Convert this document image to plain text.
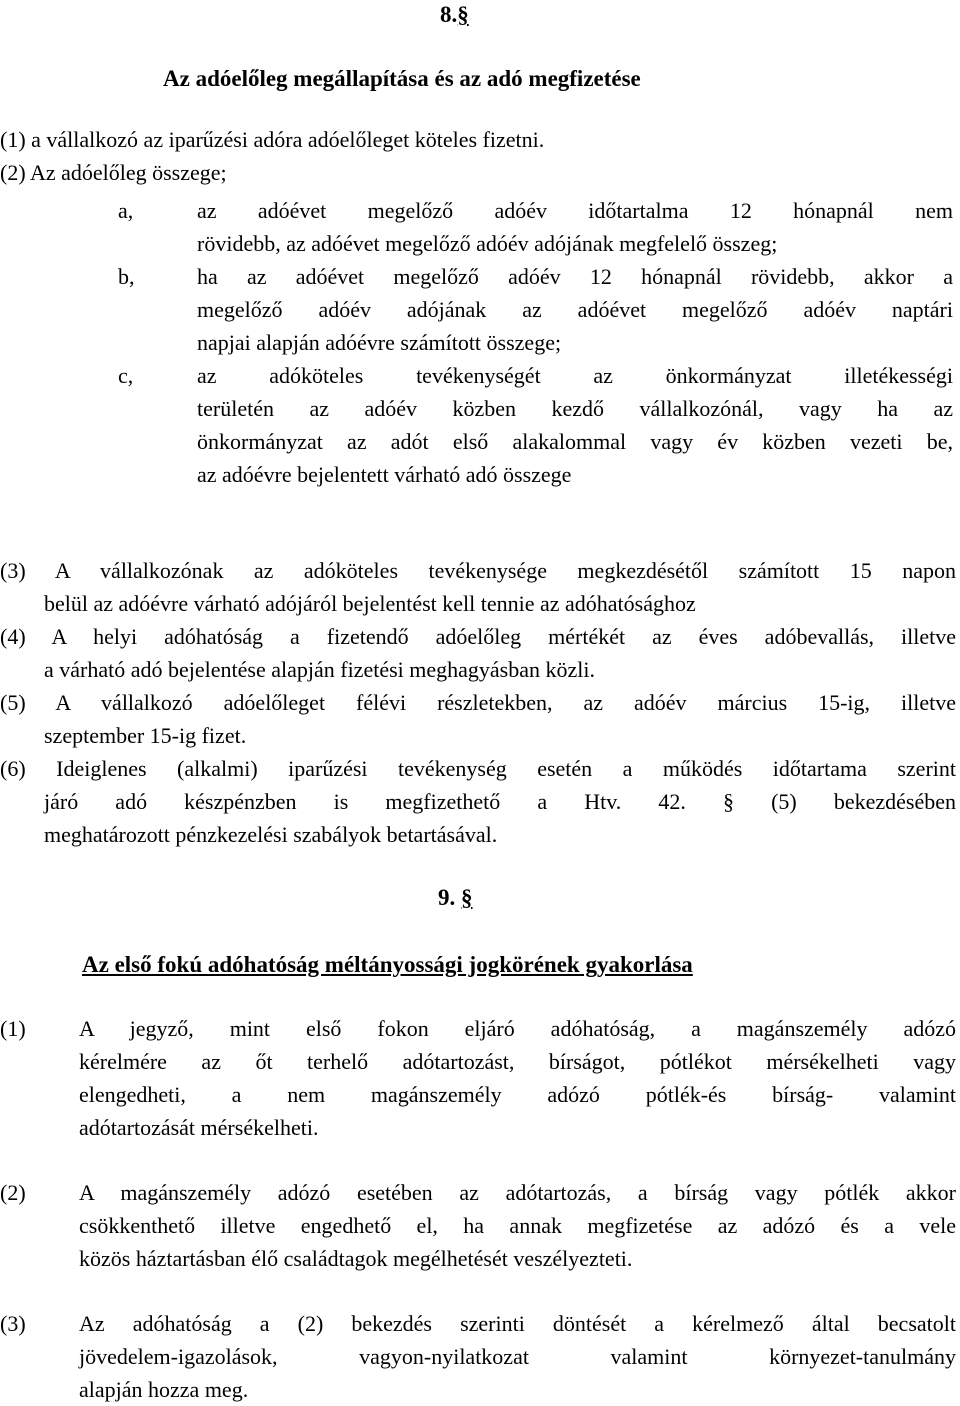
8.§
Az adóelőleg megállapítása és az adó megfizetése
(1) a vállalkozó az iparűzési adóra adóelőleget köteles fizetni.
(2) Az adóelőleg összege;
a,	az adóévet megelőző adóév időtartalma 12 hónapnál nem
rövidebb, az adóévet megelőző adóév adójának megfelelő összeg;
b,	ha az adóévet megelőző adóév 12 hónapnál rövidebb, akkor a
megelőző adóév adójának az adóévet megelőző adóév naptári
napjai alapján adóévre számított összege;
c,	az adóköteles tevékenységét az önkormányzat illetékességi
területén az adóév közben kezdő vállalkozónál, vagy ha az
önkormányzat az adót első alakalommal vagy év közben vezeti be,
az adóévre bejelentett várható adó összege
(3) A vállalkozónak az adóköteles tevékenysége megkezdésétől számított 15 napon
belül az adóévre várható adójáról bejelentést kell tennie az adóhatósághoz
(4) A helyi adóhatóság a fizetendő adóelőleg mértékét az éves adóbevallás, illetve
a várható adó bejelentése alapján fizetési meghagyásban közli.
(5) A vállalkozó adóelőleget félévi részletekben, az adóév március 15-ig, illetve
szeptember 15-ig fizet.
(6) Ideiglenes (alkalmi) iparűzési tevékenység esetén a működés időtartama szerint
járó adó készpénzben is megfizethető a Htv. 42. § (5) bekezdésében
meghatározott pénzkezelési szabályok betartásával.
9. §
Az első fokú adóhatóság méltányossági jogkörének gyakorlása
(1) A jegyző, mint első fokon eljáró adóhatóság, a magánszemély adózó
kérelmére az őt terhelő adótartozást, bírságot, pótlékot mérsékelheti vagy
elengedheti, a nem magánszemély adózó pótlék-és bírság- valamint
adótartozását mérsékelheti.
(2) A magánszemély adózó esetében az adótartozás, a bírság vagy pótlék akkor
csökkenthető illetve engedhető el, ha annak megfizetése az adózó és a vele
közös háztartásban élő családtagok megélhetését veszélyezteti.
(3) Az adóhatóság a (2) bekezdés szerinti döntését a kérelmező által becsatolt
jövedelem-igazolások, vagyon-nyilatkozat valamint környezet-tanulmány
alapján hozza meg.
